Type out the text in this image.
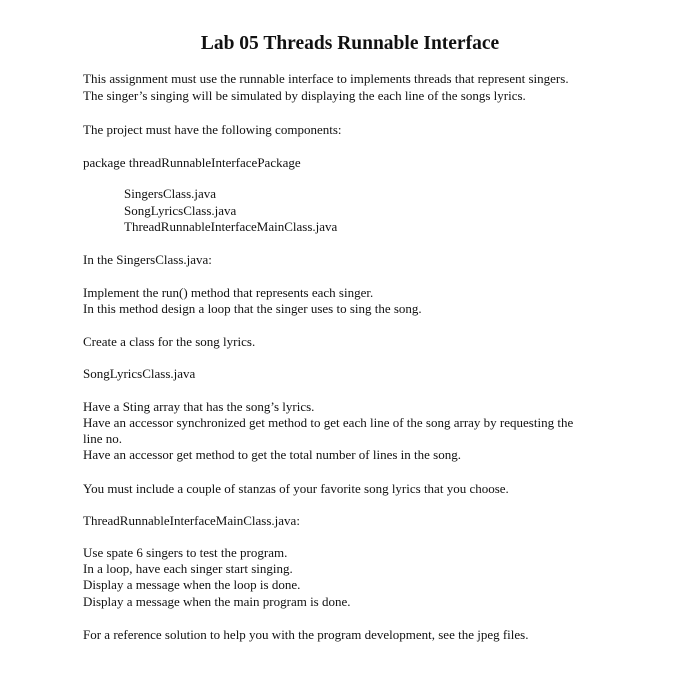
Lab 05 Threads Runnable Interface

This assignment must use the runnable interface to implements threads that represent singers.

The singer’s singing will be simulated by displaying the each line of the songs lyrics.

The project must have the following components:

package threadRunnableInterfacePackage

SingersClass.java

SongLyricsClass.java

ThreadRunnableInterfaceMainClass.java

In the SingersClass.java:

Implement the run() method that represents each singer.

In this method design a loop that the singer uses to sing the song.

Create a class for the song lyrics.

SongLyricsClass.java

Have a Sting array that has the song’s lyrics.

Have an accessor synchronized get method to get each line of the song array by requesting the

line no.

Have an accessor get method to get the total number of lines in the song.

You must include a couple of stanzas of your favorite song lyrics that you choose.

ThreadRunnableInterfaceMainClass.java:

Use spate 6 singers to test the program.

In a loop, have each singer start singing.

Display a message when the loop is done.

Display a message when the main program is done.

For a reference solution to help you with the program development, see the jpeg files.
